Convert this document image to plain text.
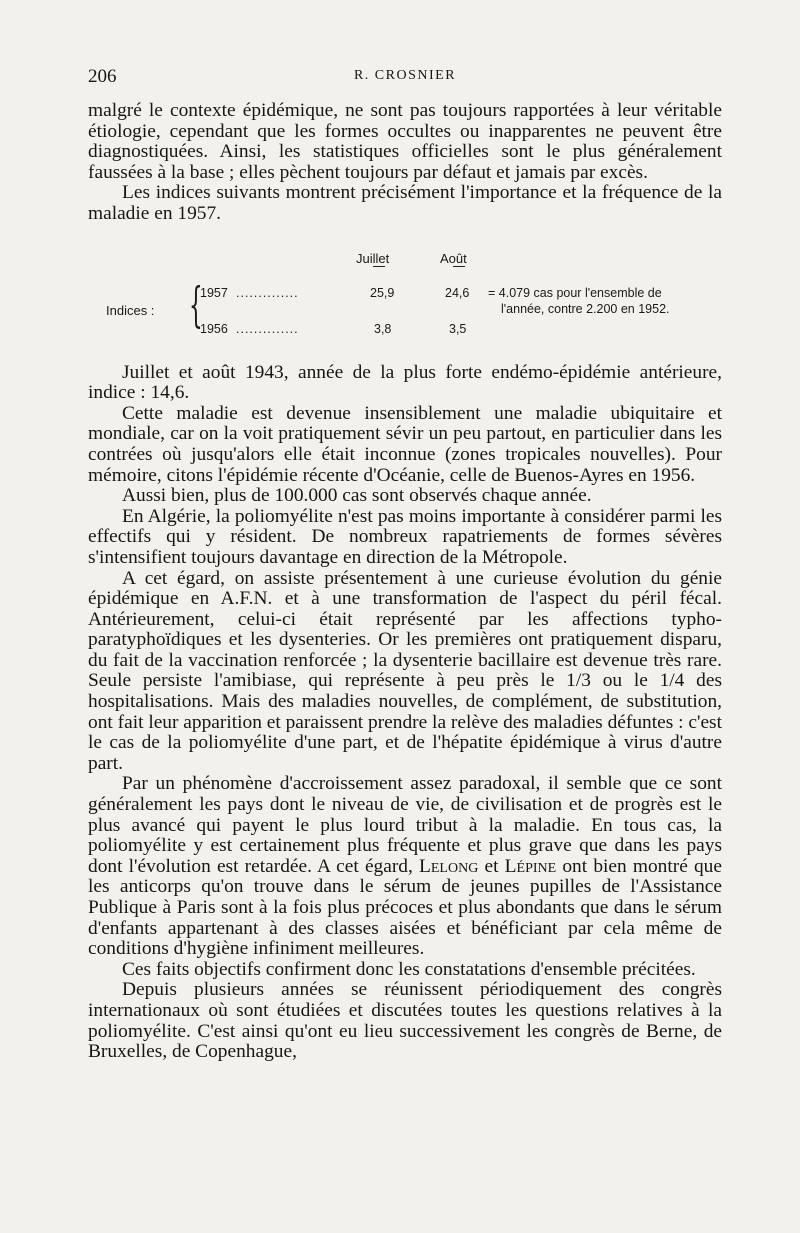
206	R. CROSNIER

malgré le contexte épidémique, ne sont pas toujours rapportées à leur véritable étiologie, cependant que les formes occultes ou inapparentes ne peuvent être diagnostiquées. Ainsi, les statistiques officielles sont le plus généralement faussées à la base ; elles pèchent toujours par défaut et jamais par excès.

Les indices suivants montrent précisément l'importance et la fréquence de la maladie en 1957.

Juillet	Août
Indices : {
1957 ..............	25,9	24,6 = 4.079 cas pour l'ensemble de
l'année, contre 2.200 en 1952.
1956 ..............	3,8	3,5

Juillet et août 1943, année de la plus forte endémo-épidémie antérieure, indice : 14,6.

Cette maladie est devenue insensiblement une maladie ubiquitaire et mondiale, car on la voit pratiquement sévir un peu partout, en particulier dans les contrées où jusqu'alors elle était inconnue (zones tropicales nouvelles). Pour mémoire, citons l'épidémie récente d'Océanie, celle de Buenos-Ayres en 1956.

Aussi bien, plus de 100.000 cas sont observés chaque année.

En Algérie, la poliomyélite n'est pas moins importante à considérer parmi les effectifs qui y résident. De nombreux rapatriements de formes sévères s'intensifient toujours davantage en direction de la Métropole.

A cet égard, on assiste présentement à une curieuse évolution du génie épidémique en A.F.N. et à une transformation de l'aspect du péril fécal. Antérieurement, celui-ci était représenté par les affections typho-paratyphoïdiques et les dysenteries. Or les premières ont pratiquement disparu, du fait de la vaccination renforcée ; la dysenterie bacillaire est devenue très rare. Seule persiste l'amibiase, qui représente à peu près le 1/3 ou le 1/4 des hospitalisations. Mais des maladies nouvelles, de complément, de substitution, ont fait leur apparition et paraissent prendre la relève des maladies défuntes : c'est le cas de la poliomyélite d'une part, et de l'hépatite épidémique à virus d'autre part.

Par un phénomène d'accroissement assez paradoxal, il semble que ce sont généralement les pays dont le niveau de vie, de civilisation et de progrès est le plus avancé qui payent le plus lourd tribut à la maladie. En tous cas, la poliomyélite y est certainement plus fréquente et plus grave que dans les pays dont l'évolution est retardée. A cet égard, Lelong et Lépine ont bien montré que les anticorps qu'on trouve dans le sérum de jeunes pupilles de l'Assistance Publique à Paris sont à la fois plus précoces et plus abondants que dans le sérum d'enfants appartenant à des classes aisées et bénéficiant par cela même de conditions d'hygiène infiniment meilleures.

Ces faits objectifs confirment donc les constatations d'ensemble précitées.

Depuis plusieurs années se réunissent périodiquement des congrès internationaux où sont étudiées et discutées toutes les questions relatives à la poliomyélite. C'est ainsi qu'ont eu lieu successivement les congrès de Berne, de Bruxelles, de Copenhague,
